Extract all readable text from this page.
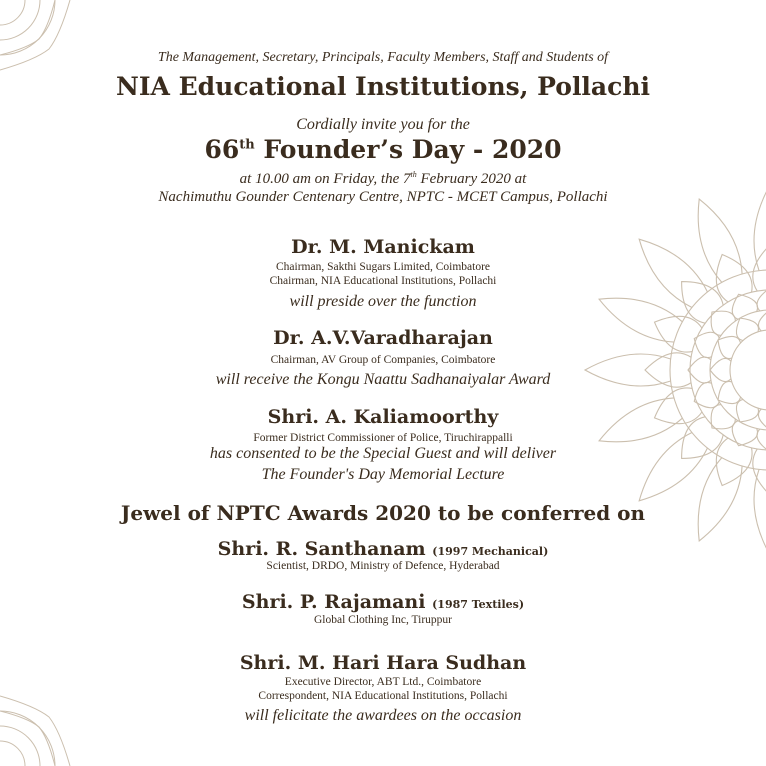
The Management, Secretary, Principals, Faculty Members, Staff and Students of
NIA Educational Institutions, Pollachi
Cordially invite you for the
66th Founder’s Day - 2020
at 10.00 am on Friday, the 7th February 2020 at
Nachimuthu Gounder Centenary Centre, NPTC - MCET Campus, Pollachi
Dr. M. Manickam
Chairman, Sakthi Sugars Limited, Coimbatore
Chairman, NIA Educational Institutions, Pollachi
will preside over the function
Dr. A.V.Varadharajan
Chairman, AV Group of Companies, Coimbatore
will receive the Kongu Naattu Sadhanaiyalar Award
Shri. A. Kaliamoorthy
Former District Commissioner of Police, Tiruchirappalli
has consented to be the Special Guest and will deliver
The Founder's Day Memorial Lecture
Jewel of NPTC Awards 2020 to be conferred on
Shri. R. Santhanam (1997 Mechanical)
Scientist, DRDO, Ministry of Defence, Hyderabad
Shri. P. Rajamani (1987 Textiles)
Global Clothing Inc, Tiruppur
Shri. M. Hari Hara Sudhan
Executive Director, ABT Ltd., Coimbatore
Correspondent, NIA Educational Institutions, Pollachi
will felicitate the awardees on the occasion
